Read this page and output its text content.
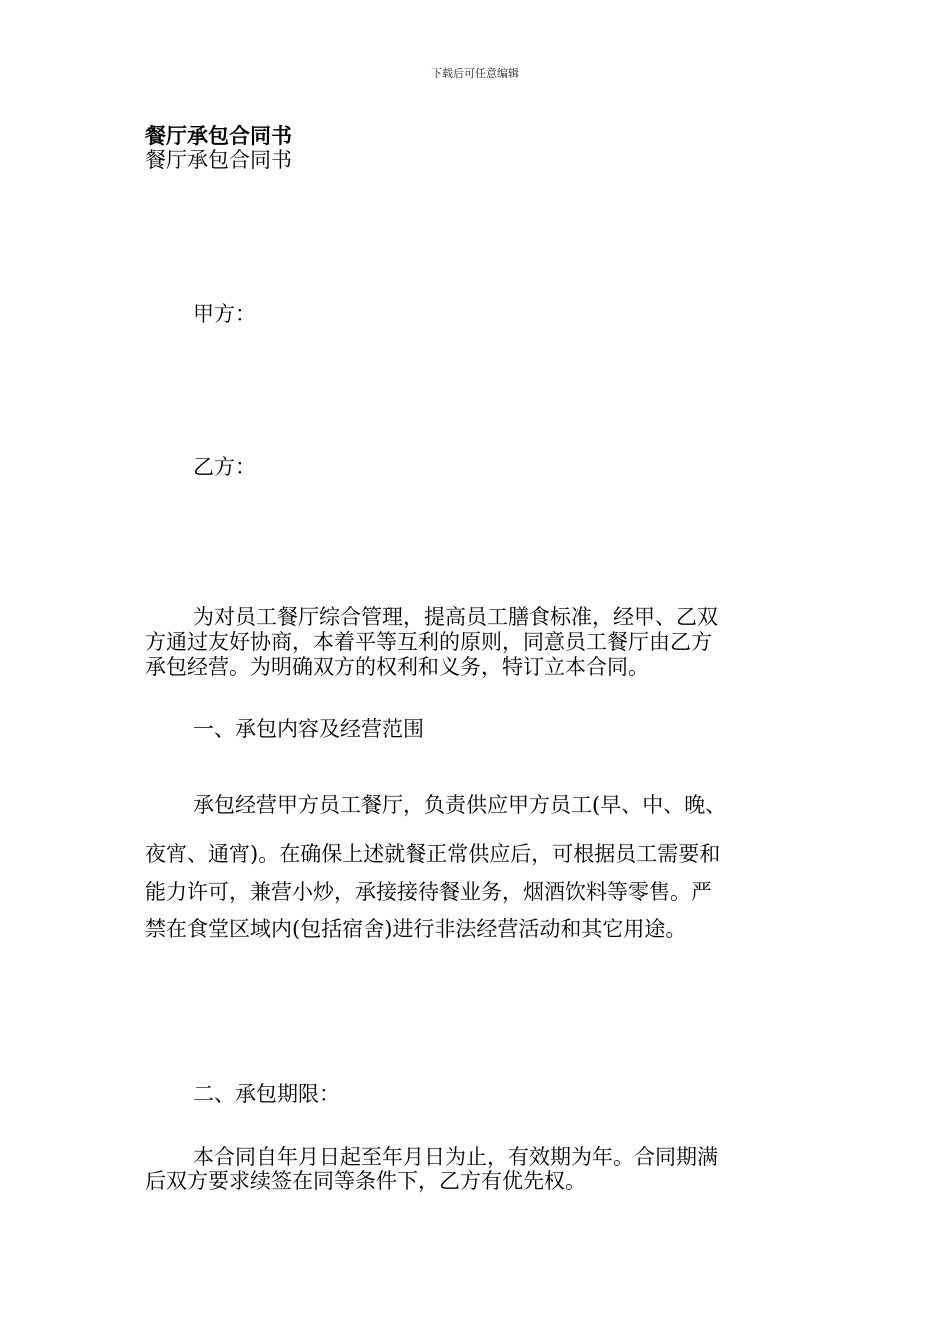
下载后可任意编辑
餐厅承包合同书
餐厅承包合同书
甲方：
乙方：
为对员工餐厅综合管理，提高员工膳食标准，经甲、乙双
方通过友好协商，本着平等互利的原则，同意员工餐厅由乙方
承包经营。为明确双方的权利和义务，特订立本合同。
一、承包内容及经营范围
承包经营甲方员工餐厅，负责供应甲方员工(早、中、晚、
夜宵、通宵)。在确保上述就餐正常供应后，可根据员工需要和
能力许可，兼营小炒，承接接待餐业务，烟酒饮料等零售。严
禁在食堂区域内(包括宿舍)进行非法经营活动和其它用途。
二、承包期限：
本合同自年月日起至年月日为止，有效期为年。合同期满
后双方要求续签在同等条件下，乙方有优先权。
